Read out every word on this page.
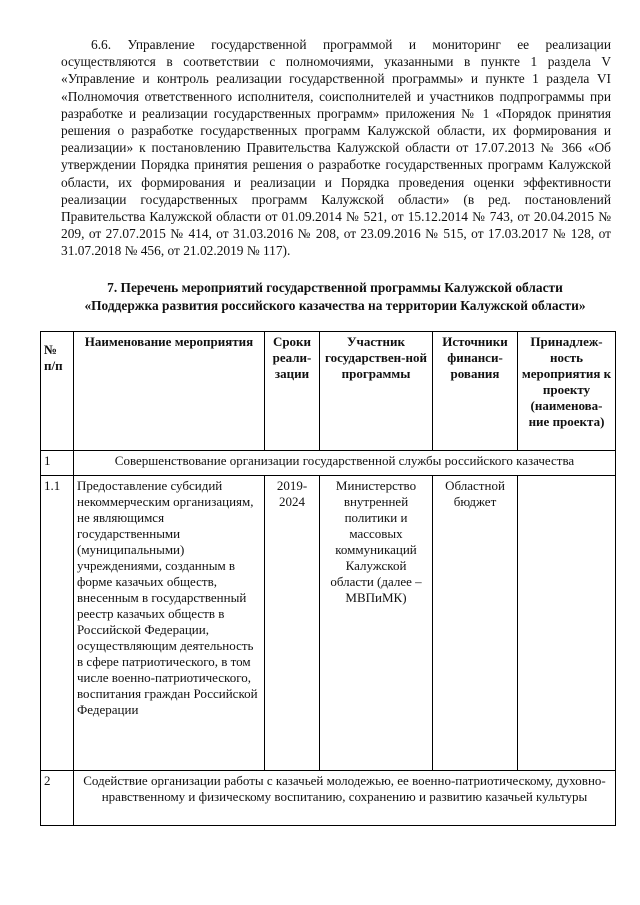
6.6. Управление государственной программой и мониторинг ее реализации осуществляются в соответствии с полномочиями, указанными в пункте 1 раздела V «Управление и контроль реализации государственной программы» и пункте 1 раздела VI «Полномочия ответственного исполнителя, соисполнителей и участников подпрограммы при разработке и реализации государственных программ» приложения № 1 «Порядок принятия решения о разработке государственных программ Калужской области, их формирования и реализации» к постановлению Правительства Калужской области от 17.07.2013 № 366 «Об утверждении Порядка принятия решения о разработке государственных программ Калужской области, их формирования и реализации и Порядка проведения оценки эффективности реализации государственных программ Калужской области» (в ред. постановлений Правительства Калужской области от 01.09.2014 № 521, от 15.12.2014 № 743, от 20.04.2015 № 209, от 27.07.2015 № 414, от 31.03.2016 № 208, от 23.09.2016 № 515, от 17.03.2017 № 128, от 31.07.2018 № 456, от 21.02.2019 № 117).

7. Перечень мероприятий государственной программы Калужской области
«Поддержка развития российского казачества на территории Калужской области»
№ п/п	Наименование мероприятия	Сроки реали-зации	Участник государствен-ной программы	Источники финанси-рования	Принадлеж-ность мероприятия к проекту (наименова-ние проекта)
1	Совершенствование организации государственной службы российского казачества				
1.1	Предоставление субсидий некоммерческим организациям, не являющимся государственными (муниципальными) учреждениями, созданным в форме казачьих обществ, внесенным в государственный реестр казачьих обществ в Российской Федерации, осуществляющим деятельность в сфере патриотического, в том числе военно-патриотического, воспитания граждан Российской Федерации	2019-2024	Министерство внутренней политики и массовых коммуникаций Калужской области (далее – МВПиМК)	Областной бюджет	
2	Содействие организации работы с казачьей молодежью, ее военно-патриотическому, духовно-нравственному и физическому воспитанию, сохранению и развитию казачьей культуры				
